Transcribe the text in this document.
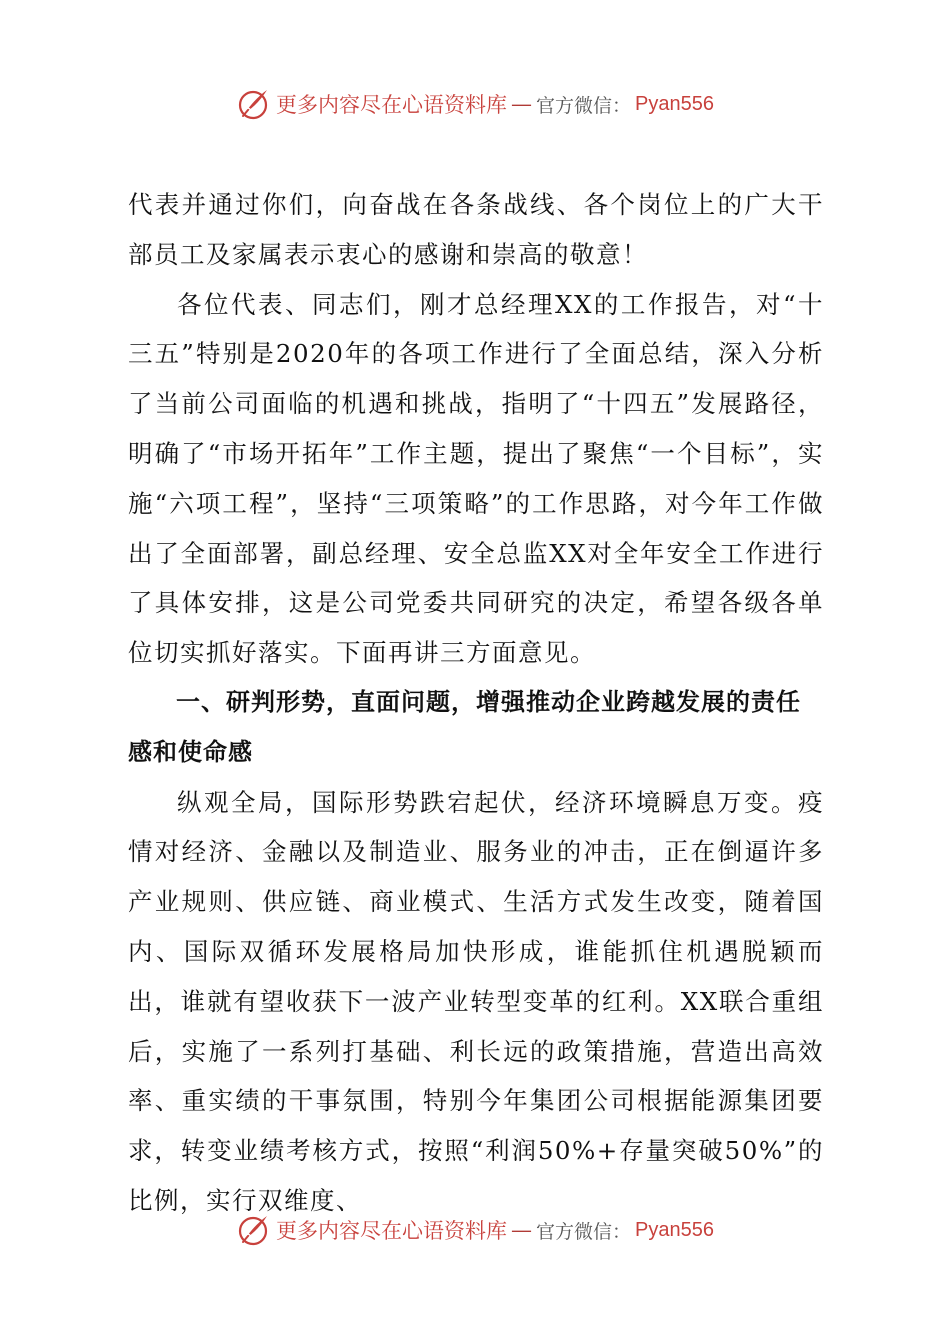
更多内容尽在心语资料库 — 官方微信： Pyan556

代表并通过你们，向奋战在各条战线、各个岗位上的广大干部员工及家属表示衷心的感谢和崇高的敬意！

各位代表、同志们，刚才总经理XX的工作报告，对“十三五”特别是2020年的各项工作进行了全面总结，深入分析了当前公司面临的机遇和挑战，指明了“十四五”发展路径，明确了“市场开拓年”工作主题，提出了聚焦“一个目标”，实施“六项工程”，坚持“三项策略”的工作思路，对今年工作做出了全面部署，副总经理、安全总监XX对全年安全工作进行了具体安排，这是公司党委共同研究的决定，希望各级各单位切实抓好落实。下面再讲三方面意见。

一、研判形势，直面问题，增强推动企业跨越发展的责任感和使命感

纵观全局，国际形势跌宕起伏，经济环境瞬息万变。疫情对经济、金融以及制造业、服务业的冲击，正在倒逼许多产业规则、供应链、商业模式、生活方式发生改变，随着国内、国际双循环发展格局加快形成，谁能抓住机遇脱颖而出，谁就有望收获下一波产业转型变革的红利。XX联合重组后，实施了一系列打基础、利长远的政策措施，营造出高效率、重实绩的干事氛围，特别今年集团公司根据能源集团要求，转变业绩考核方式，按照“利润50%+存量突破50%”的比例，实行双维度、

更多内容尽在心语资料库 — 官方微信： Pyan556
